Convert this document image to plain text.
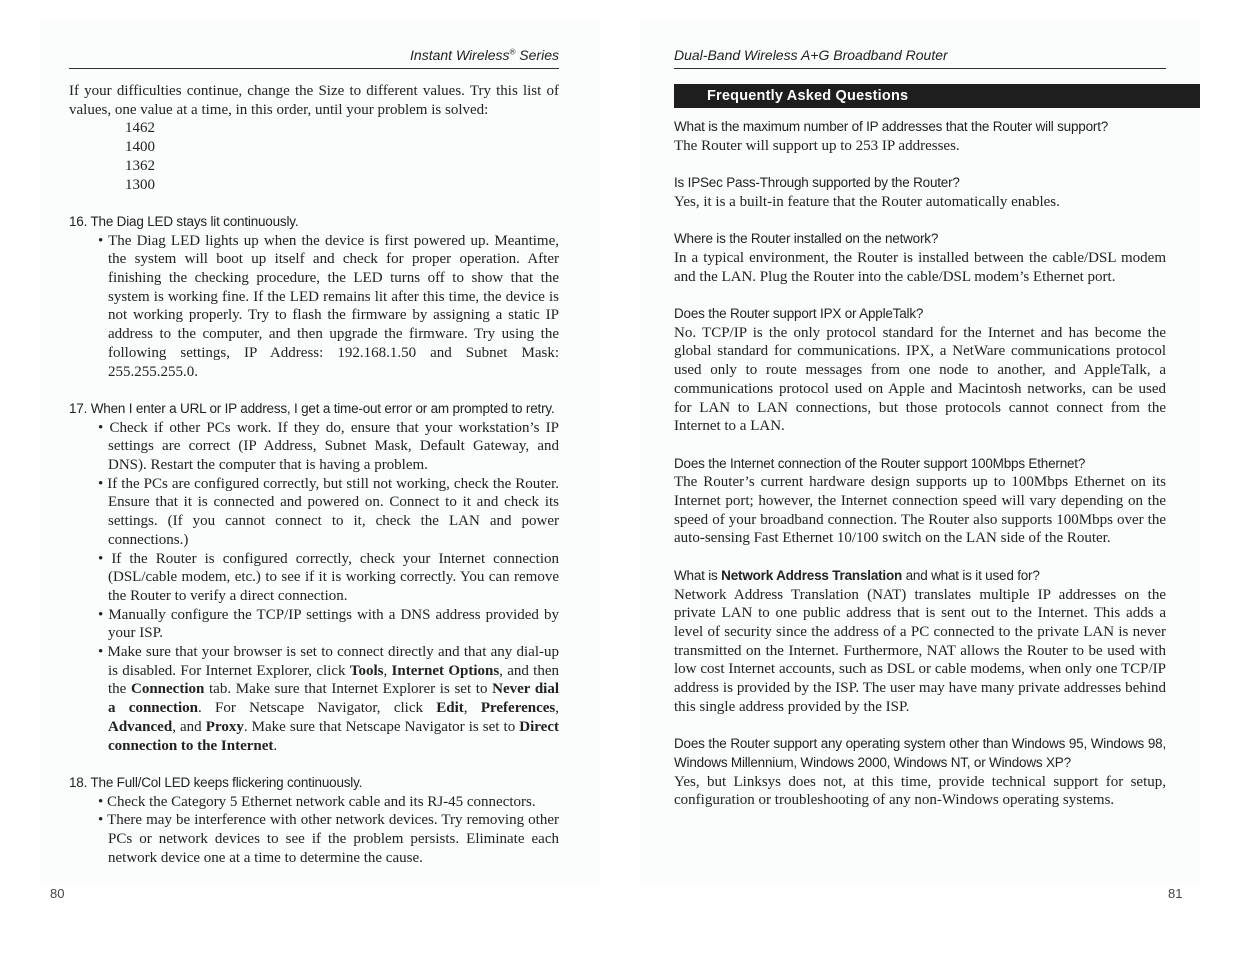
Instant Wireless® Series

If your difficulties continue, change the Size to different values. Try this list of values, one value at a time, in this order, until your problem is solved:

1462

1400

1362

1300

16. The Diag LED stays lit continuously.

• The Diag LED lights up when the device is first powered up. Meantime, the system will boot up itself and check for proper operation. After finishing the checking procedure, the LED turns off to show that the system is working fine. If the LED remains lit after this time, the device is not working properly. Try to flash the firmware by assigning a static IP address to the computer, and then upgrade the firmware. Try using the following settings, IP Address: 192.168.1.50 and Subnet Mask: 255.255.255.0.

17. When I enter a URL or IP address, I get a time-out error or am prompted to retry.

• Check if other PCs work. If they do, ensure that your workstation’s IP settings are correct (IP Address, Subnet Mask, Default Gateway, and DNS). Restart the computer that is having a problem.

• If the PCs are configured correctly, but still not working, check the Router. Ensure that it is connected and powered on. Connect to it and check its settings. (If you cannot connect to it, check the LAN and power connections.)

• If the Router is configured correctly, check your Internet connection (DSL/cable modem, etc.) to see if it is working correctly. You can remove the Router to verify a direct connection.

• Manually configure the TCP/IP settings with a DNS address provided by your ISP.

• Make sure that your browser is set to connect directly and that any dial-up is disabled. For Internet Explorer, click Tools, Internet Options, and then the Connection tab. Make sure that Internet Explorer is set to Never dial a connection. For Netscape Navigator, click Edit, Preferences, Advanced, and Proxy. Make sure that Netscape Navigator is set to Direct connection to the Internet.

18. The Full/Col LED keeps flickering continuously.

• Check the Category 5 Ethernet network cable and its RJ-45 connectors.

• There may be interference with other network devices. Try removing other PCs or network devices to see if the problem persists. Eliminate each network device one at a time to determine the cause.

80
Dual-Band Wireless A+G Broadband Router
Frequently Asked Questions

What is the maximum number of IP addresses that the Router will support?

The Router will support up to 253 IP addresses.

Is IPSec Pass-Through supported by the Router?

Yes, it is a built-in feature that the Router automatically enables.

Where is the Router installed on the network?

In a typical environment, the Router is installed between the cable/DSL modem and the LAN. Plug the Router into the cable/DSL modem’s Ethernet port.

Does the Router support IPX or AppleTalk?

No. TCP/IP is the only protocol standard for the Internet and has become the global standard for communications. IPX, a NetWare communications protocol used only to route messages from one node to another, and AppleTalk, a communications protocol used on Apple and Macintosh networks, can be used for LAN to LAN connections, but those protocols cannot connect from the Internet to a LAN.

Does the Internet connection of the Router support 100Mbps Ethernet?

The Router’s current hardware design supports up to 100Mbps Ethernet on its Internet port; however, the Internet connection speed will vary depending on the speed of your broadband connection. The Router also supports 100Mbps over the auto-sensing Fast Ethernet 10/100 switch on the LAN side of the Router.

What is Network Address Translation and what is it used for?

Network Address Translation (NAT) translates multiple IP addresses on the private LAN to one public address that is sent out to the Internet. This adds a level of security since the address of a PC connected to the private LAN is never transmitted on the Internet. Furthermore, NAT allows the Router to be used with low cost Internet accounts, such as DSL or cable modems, when only one TCP/IP address is provided by the ISP. The user may have many private addresses behind this single address provided by the ISP.

Does the Router support any operating system other than Windows 95, Windows 98, Windows Millennium, Windows 2000, Windows NT, or Windows XP?

Yes, but Linksys does not, at this time, provide technical support for setup, configuration or troubleshooting of any non-Windows operating systems.

81
